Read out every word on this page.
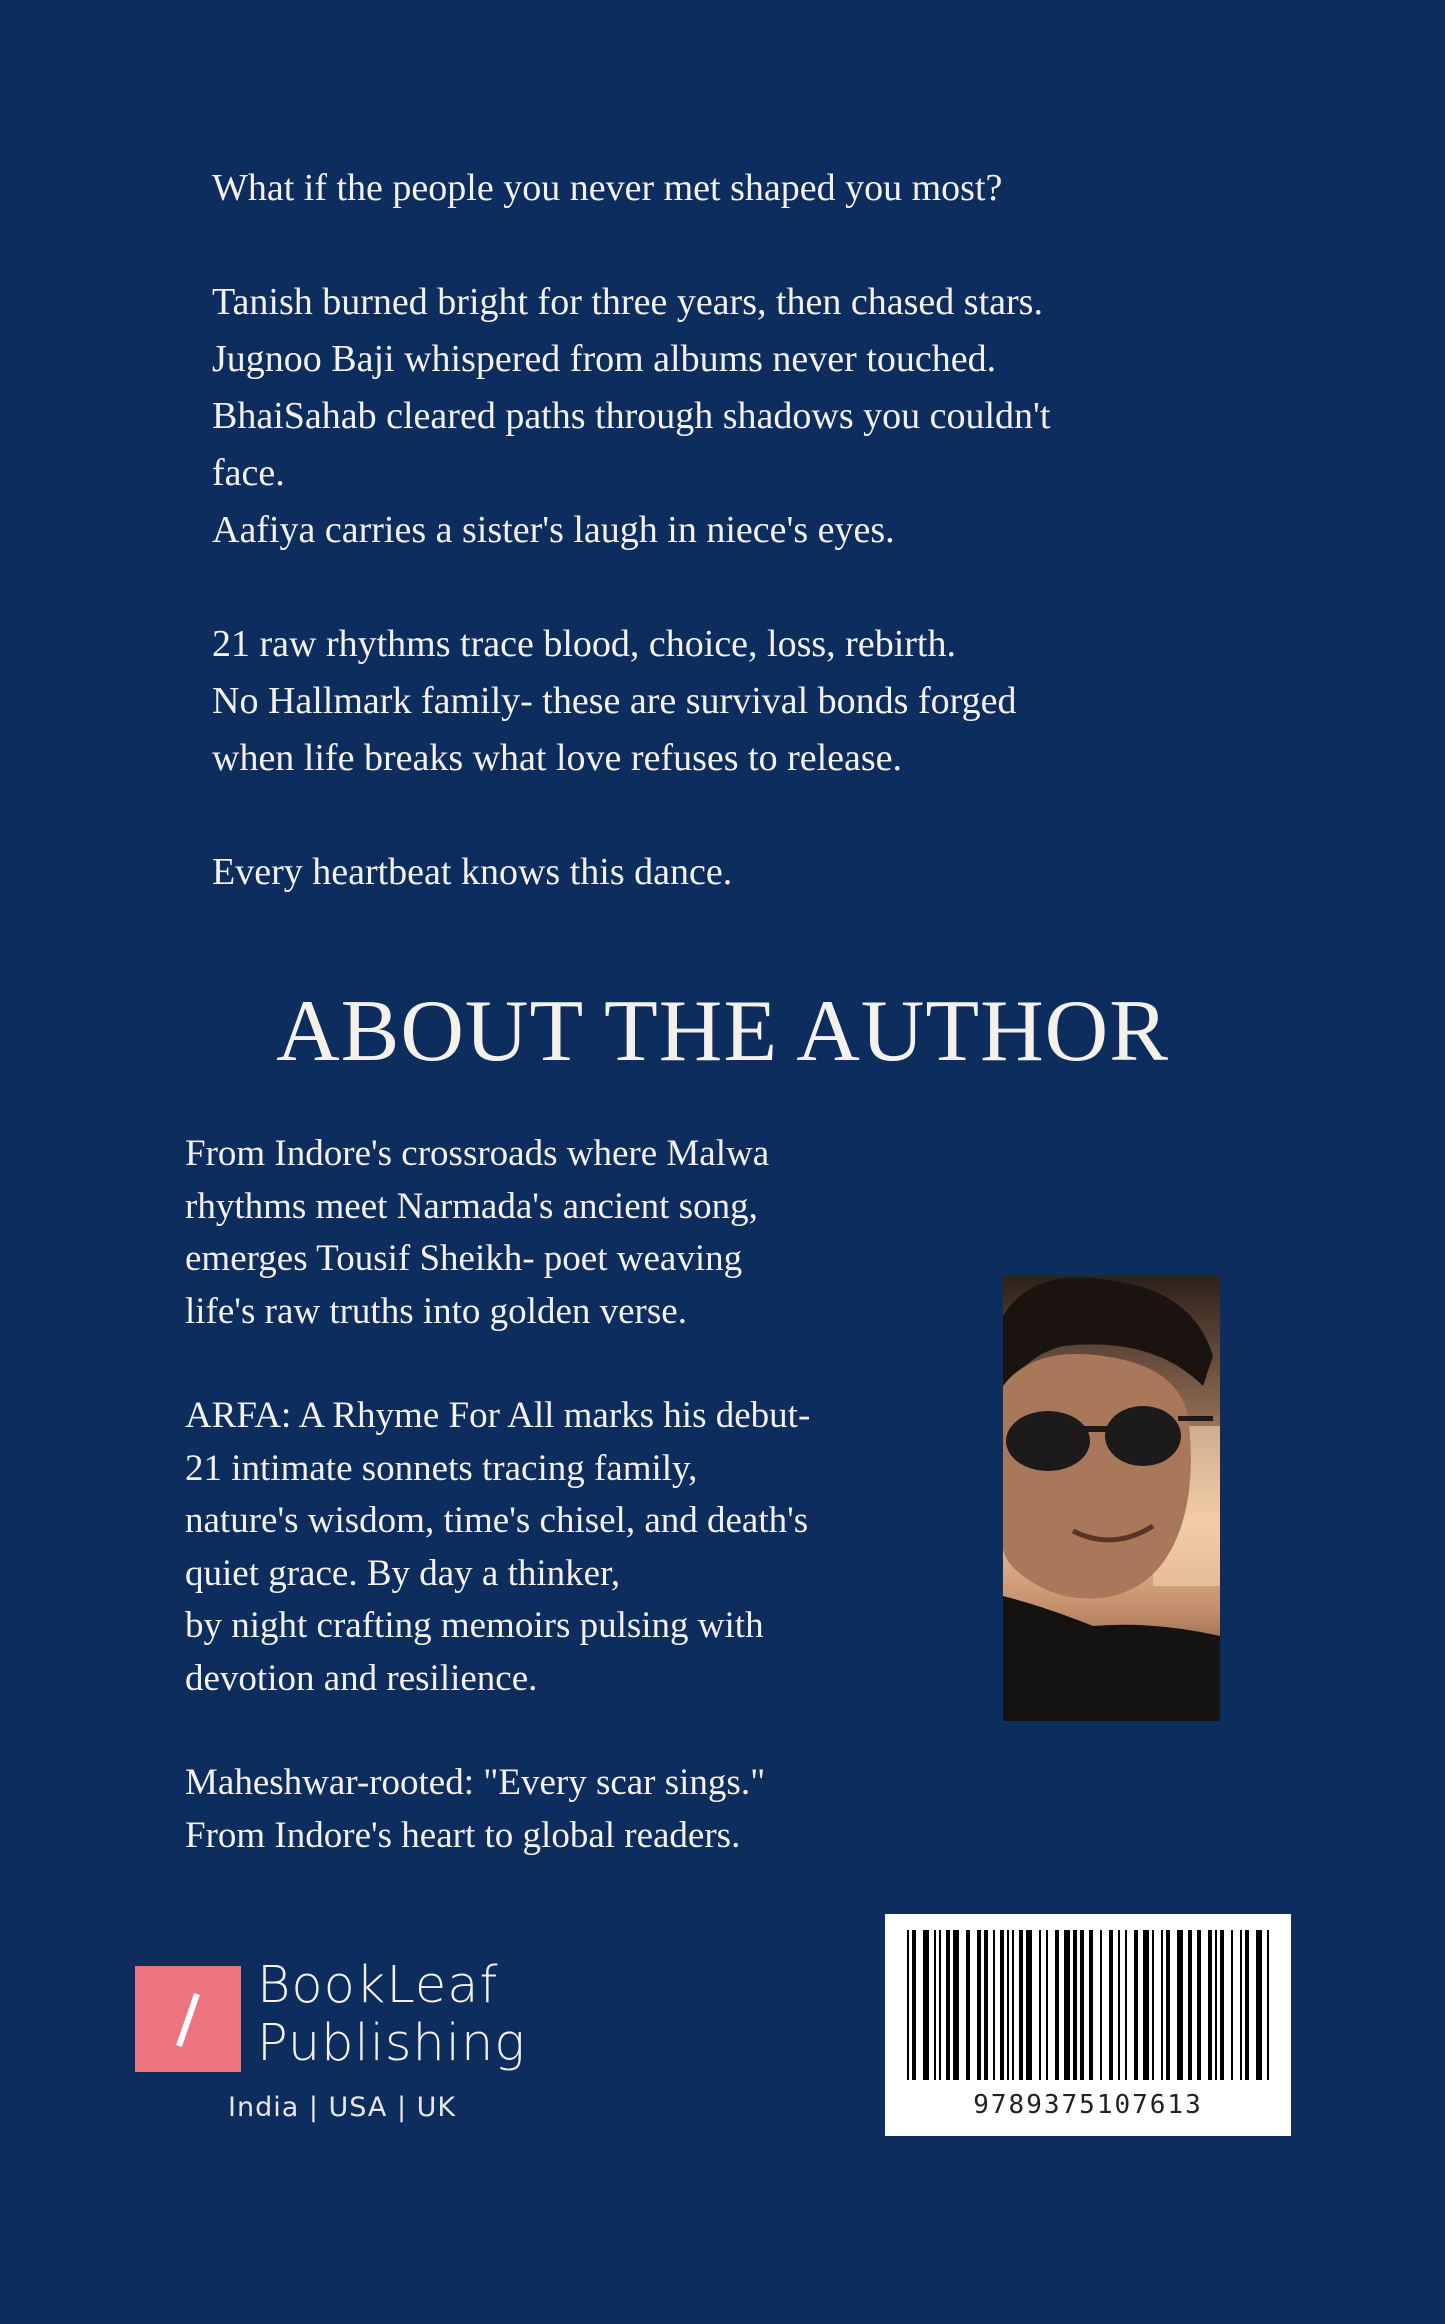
What if the people you never met shaped you most?

Tanish burned bright for three years, then chased stars.
Jugnoo Baji whispered from albums never touched.
BhaiSahab cleared paths through shadows you couldn't
face.
Aafiya carries a sister's laugh in niece's eyes.

21 raw rhythms trace blood, choice, loss, rebirth.
No Hallmark family- these are survival bonds forged
when life breaks what love refuses to release.

Every heartbeat knows this dance.

ABOUT THE AUTHOR

From Indore's crossroads where Malwa
rhythms meet Narmada's ancient song,
emerges Tousif Sheikh- poet weaving
life's raw truths into golden verse.

ARFA: A Rhyme For All marks his debut-
21 intimate sonnets tracing family,
nature's wisdom, time's chisel, and death's
quiet grace. By day a thinker,
by night crafting memoirs pulsing with
devotion and resilience.

Maheshwar-rooted: "Every scar sings."
From Indore's heart to global readers.

BookLeaf
Publishing
India | USA | UK	9789375107613
